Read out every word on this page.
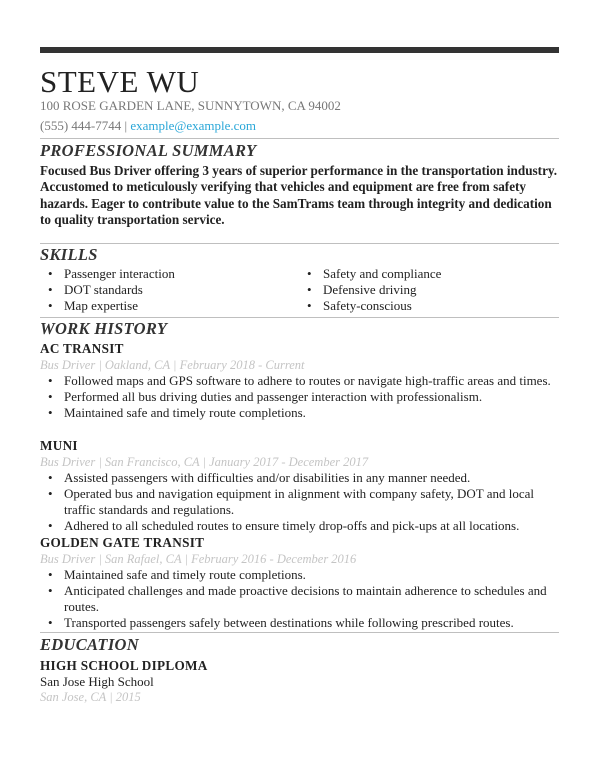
STEVE WU
100 ROSE GARDEN LANE, SUNNYTOWN, CA 94002
(555) 444-7744 | example@example.com
PROFESSIONAL SUMMARY

Focused Bus Driver offering 3 years of superior performance in the transportation industry. Accustomed to meticulously verifying that vehicles and equipment are free from safety hazards. Eager to contribute value to the SamTrams team through integrity and dedication to quality transportation service.

SKILLS
• Passenger interaction
• DOT standards
• Map expertise
• Safety and compliance
• Defensive driving
• Safety-conscious
WORK HISTORY
AC TRANSIT
Bus Driver | Oakland, CA | February 2018 - Current
• Followed maps and GPS software to adhere to routes or navigate high-traffic areas and times.
• Performed all bus driving duties and passenger interaction with professionalism.
• Maintained safe and timely route completions.
MUNI
Bus Driver | San Francisco, CA | January 2017 - December 2017
• Assisted passengers with difficulties and/or disabilities in any manner needed.
• Operated bus and navigation equipment in alignment with company safety, DOT and local traffic standards and regulations.
• Adhered to all scheduled routes to ensure timely drop-offs and pick-ups at all locations.
GOLDEN GATE TRANSIT
Bus Driver | San Rafael, CA | February 2016 - December 2016
• Maintained safe and timely route completions.
• Anticipated challenges and made proactive decisions to maintain adherence to schedules and routes.
• Transported passengers safely between destinations while following prescribed routes.
EDUCATION
HIGH SCHOOL DIPLOMA
San Jose High School
San Jose, CA | 2015
